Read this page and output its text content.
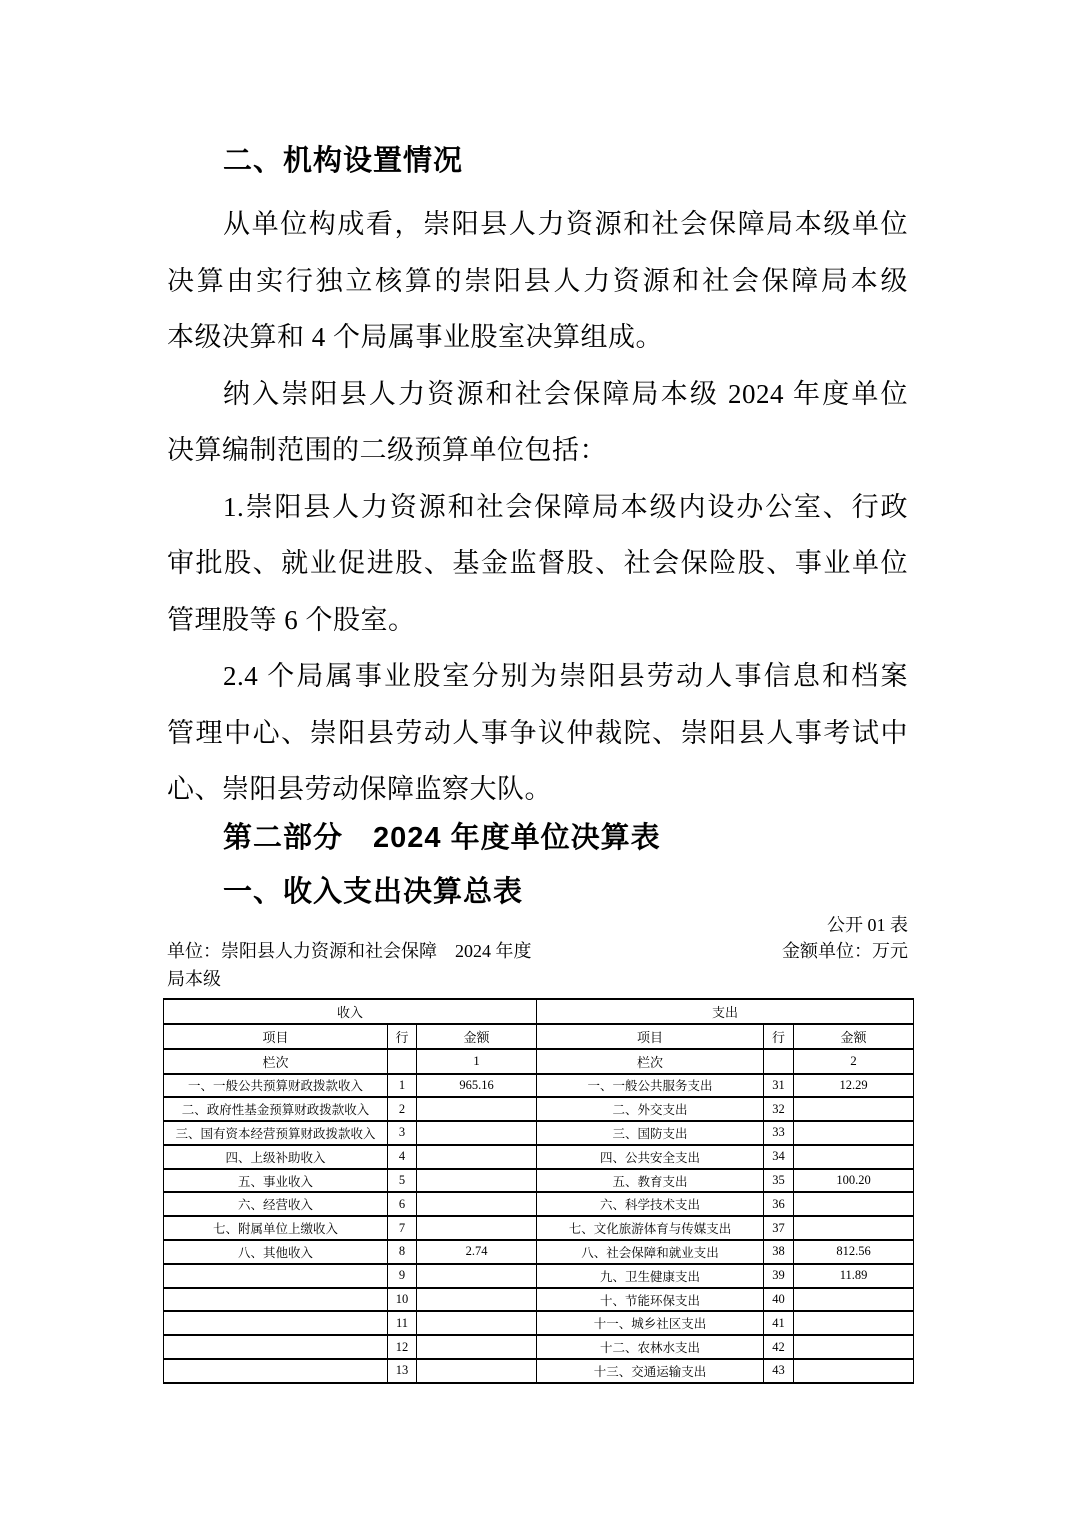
二、机构设置情况
从单位构成看，崇阳县人力资源和社会保障局本级单位
决算由实行独立核算的崇阳县人力资源和社会保障局本级
本级决算和 4 个局属事业股室决算组成。
纳入崇阳县人力资源和社会保障局本级 2024 年度单位
决算编制范围的二级预算单位包括：
1.崇阳县人力资源和社会保障局本级内设办公室、行政
审批股、就业促进股、基金监督股、社会保险股、事业单位
管理股等 6 个股室。
2.4 个局属事业股室分别为崇阳县劳动人事信息和档案
管理中心、崇阳县劳动人事争议仲裁院、崇阳县人事考试中
心、崇阳县劳动保障监察大队。
第二部分　2024 年度单位决算表
一、收入支出决算总表
公开 01 表
单位：崇阳县人力资源和社会保障 2024 年度	金额单位：万元
局本级
收入			支出		
项目	行	金额	项目	行	金额
栏次		1	栏次		2
一、一般公共预算财政拨款收入	1	965.16	一、一般公共服务支出	31	12.29
二、政府性基金预算财政拨款收入	2		二、外交支出	32	
三、国有资本经营预算财政拨款收入	3		三、国防支出	33	
四、上级补助收入	4		四、公共安全支出	34	
五、事业收入	5		五、教育支出	35	100.20
六、经营收入	6		六、科学技术支出	36	
七、附属单位上缴收入	7		七、文化旅游体育与传媒支出	37	
八、其他收入	8	2.74	八、社会保障和就业支出	38	812.56
	9		九、卫生健康支出	39	11.89
	10		十、节能环保支出	40	
	11		十一、城乡社区支出	41	
	12		十二、农林水支出	42	
	13		十三、交通运输支出	43	
